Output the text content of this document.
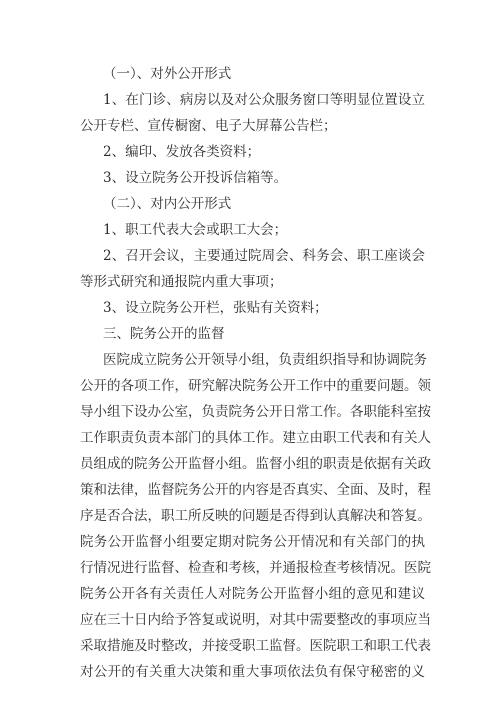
（一）、对外公开形式
1、在门诊、病房以及对公众服务窗口等明显位置设立
公开专栏、宣传橱窗、电子大屏幕公告栏；
2、编印、发放各类资料；
3、设立院务公开投诉信箱等。
（二）、对内公开形式
1、职工代表大会或职工大会；
2、召开会议，主要通过院周会、科务会、职工座谈会
等形式研究和通报院内重大事项；
3、设立院务公开栏，张贴有关资料；
三、院务公开的监督
医院成立院务公开领导小组，负责组织指导和协调院务
公开的各项工作，研究解决院务公开工作中的重要问题。领
导小组下设办公室，负责院务公开日常工作。各职能科室按
工作职责负责本部门的具体工作。建立由职工代表和有关人
员组成的院务公开监督小组。监督小组的职责是依据有关政
策和法律，监督院务公开的内容是否真实、全面、及时，程
序是否合法，职工所反映的问题是否得到认真解决和答复。
院务公开监督小组要定期对院务公开情况和有关部门的执
行情况进行监督、检查和考核，并通报检查考核情况。医院
院务公开各有关责任人对院务公开监督小组的意见和建议
应在三十日内给予答复或说明，对其中需要整改的事项应当
采取措施及时整改，并接受职工监督。医院职工和职工代表
对公开的有关重大决策和重大事项依法负有保守秘密的义
